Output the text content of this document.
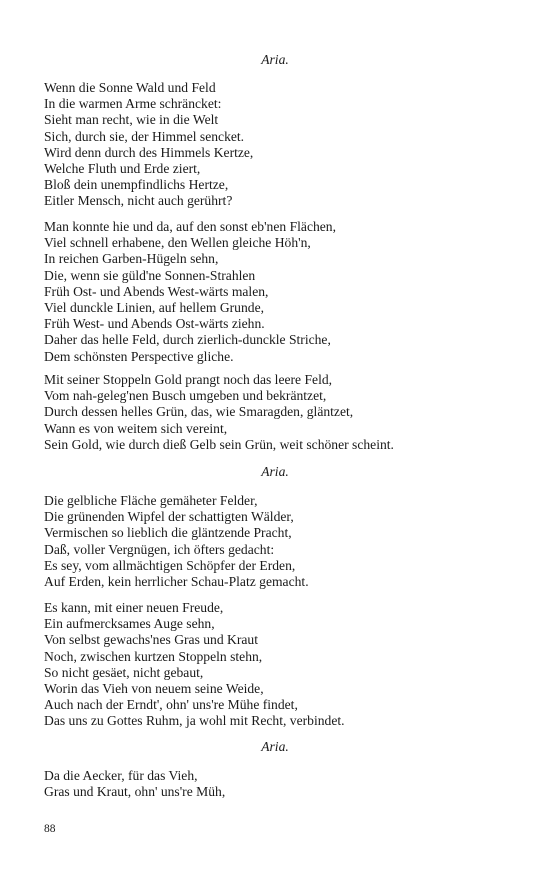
Aria.
Wenn die Sonne Wald und Feld
In die warmen Arme schräncket:
Sieht man recht, wie in die Welt
Sich, durch sie, der Himmel sencket.
Wird denn durch des Himmels Kertze,
Welche Fluth und Erde ziert,
Bloß dein unempfindlichs Hertze,
Eitler Mensch, nicht auch gerührt?
Man konnte hie und da, auf den sonst eb'nen Flächen,
Viel schnell erhabene, den Wellen gleiche Höh'n,
In reichen Garben-Hügeln sehn,
Die, wenn sie güld'ne Sonnen-Strahlen
Früh Ost- und Abends West-wärts malen,
Viel dunckle Linien, auf hellem Grunde,
Früh West- und Abends Ost-wärts ziehn.
Daher das helle Feld, durch zierlich-dunckle Striche,
Dem schönsten Perspective gliche.
Mit seiner Stoppeln Gold prangt noch das leere Feld,
Vom nah-geleg'nen Busch umgeben und bekräntzet,
Durch dessen helles Grün, das, wie Smaragden, gläntzet,
Wann es von weitem sich vereint,
Sein Gold, wie durch dieß Gelb sein Grün, weit schöner scheint.
Aria.
Die gelbliche Fläche gemäheter Felder,
Die grünenden Wipfel der schattigten Wälder,
Vermischen so lieblich die gläntzende Pracht,
Daß, voller Vergnügen, ich öfters gedacht:
Es sey, vom allmächtigen Schöpfer der Erden,
Auf Erden, kein herrlicher Schau-Platz gemacht.
Es kann, mit einer neuen Freude,
Ein aufmercksames Auge sehn,
Von selbst gewachs'nes Gras und Kraut
Noch, zwischen kurtzen Stoppeln stehn,
So nicht gesäet, nicht gebaut,
Worin das Vieh von neuem seine Weide,
Auch nach der Erndt', ohn' uns're Mühe findet,
Das uns zu Gottes Ruhm, ja wohl mit Recht, verbindet.
Aria.
Da die Aecker, für das Vieh,
Gras und Kraut, ohn' uns're Müh,
88
